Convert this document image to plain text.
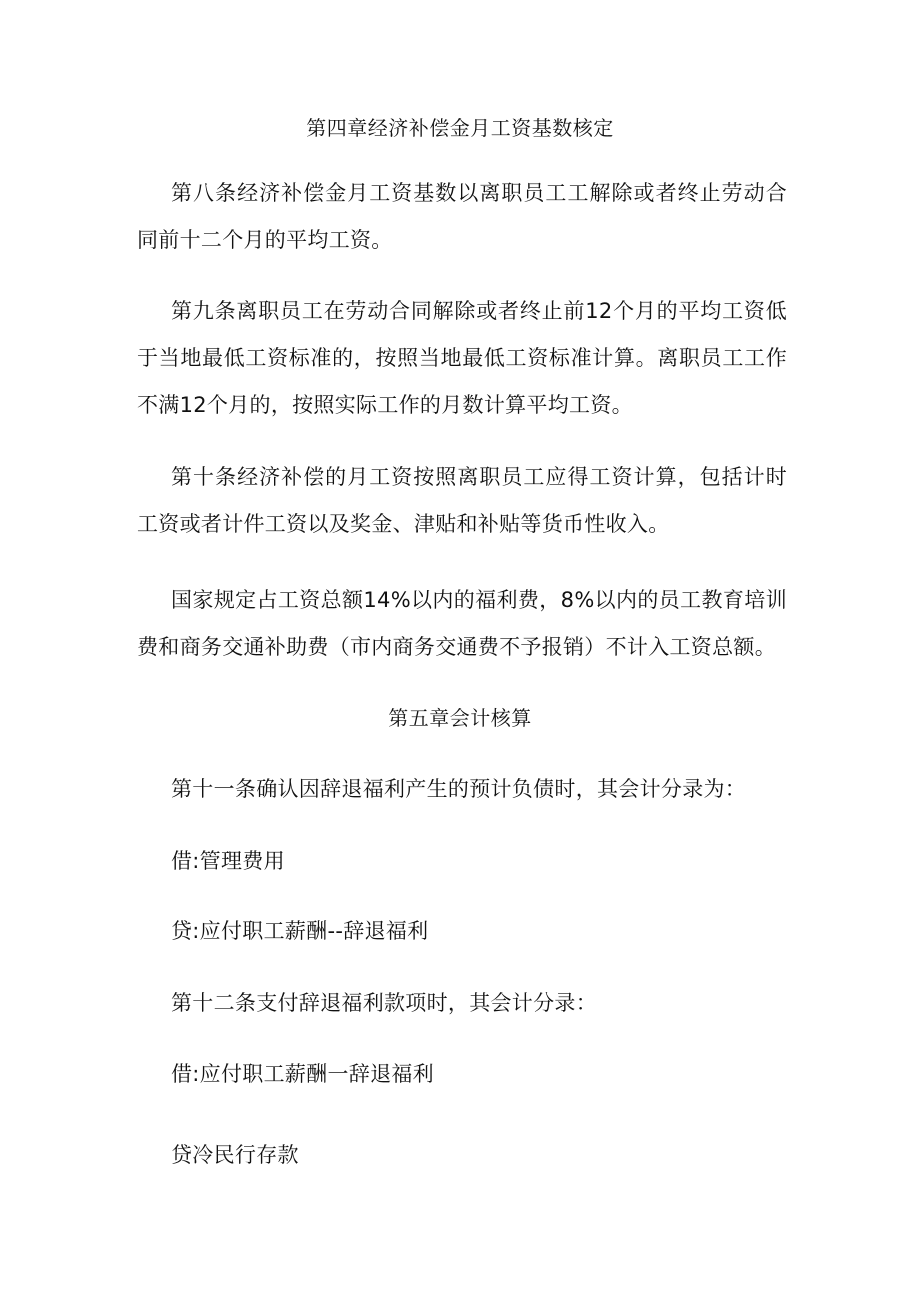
第四章经济补偿金月工资基数核定
第八条经济补偿金月工资基数以离职员工工解除或者终止劳动合同前十二个月的平均工资。
第九条离职员工在劳动合同解除或者终止前12个月的平均工资低于当地最低工资标准的，按照当地最低工资标准计算。离职员工工作不满12个月的，按照实际工作的月数计算平均工资。
第十条经济补偿的月工资按照离职员工应得工资计算，包括计时工资或者计件工资以及奖金、津贴和补贴等货币性收入。
国家规定占工资总额14%以内的福利费，8%以内的员工教育培训费和商务交通补助费（市内商务交通费不予报销）不计入工资总额。
第五章会计核算
第十一条确认因辞退福利产生的预计负债时，其会计分录为：
借:管理费用
贷:应付职工薪酬--辞退福利
第十二条支付辞退福利款项时，其会计分录：
借:应付职工薪酬一辞退福利
贷冷民行存款
